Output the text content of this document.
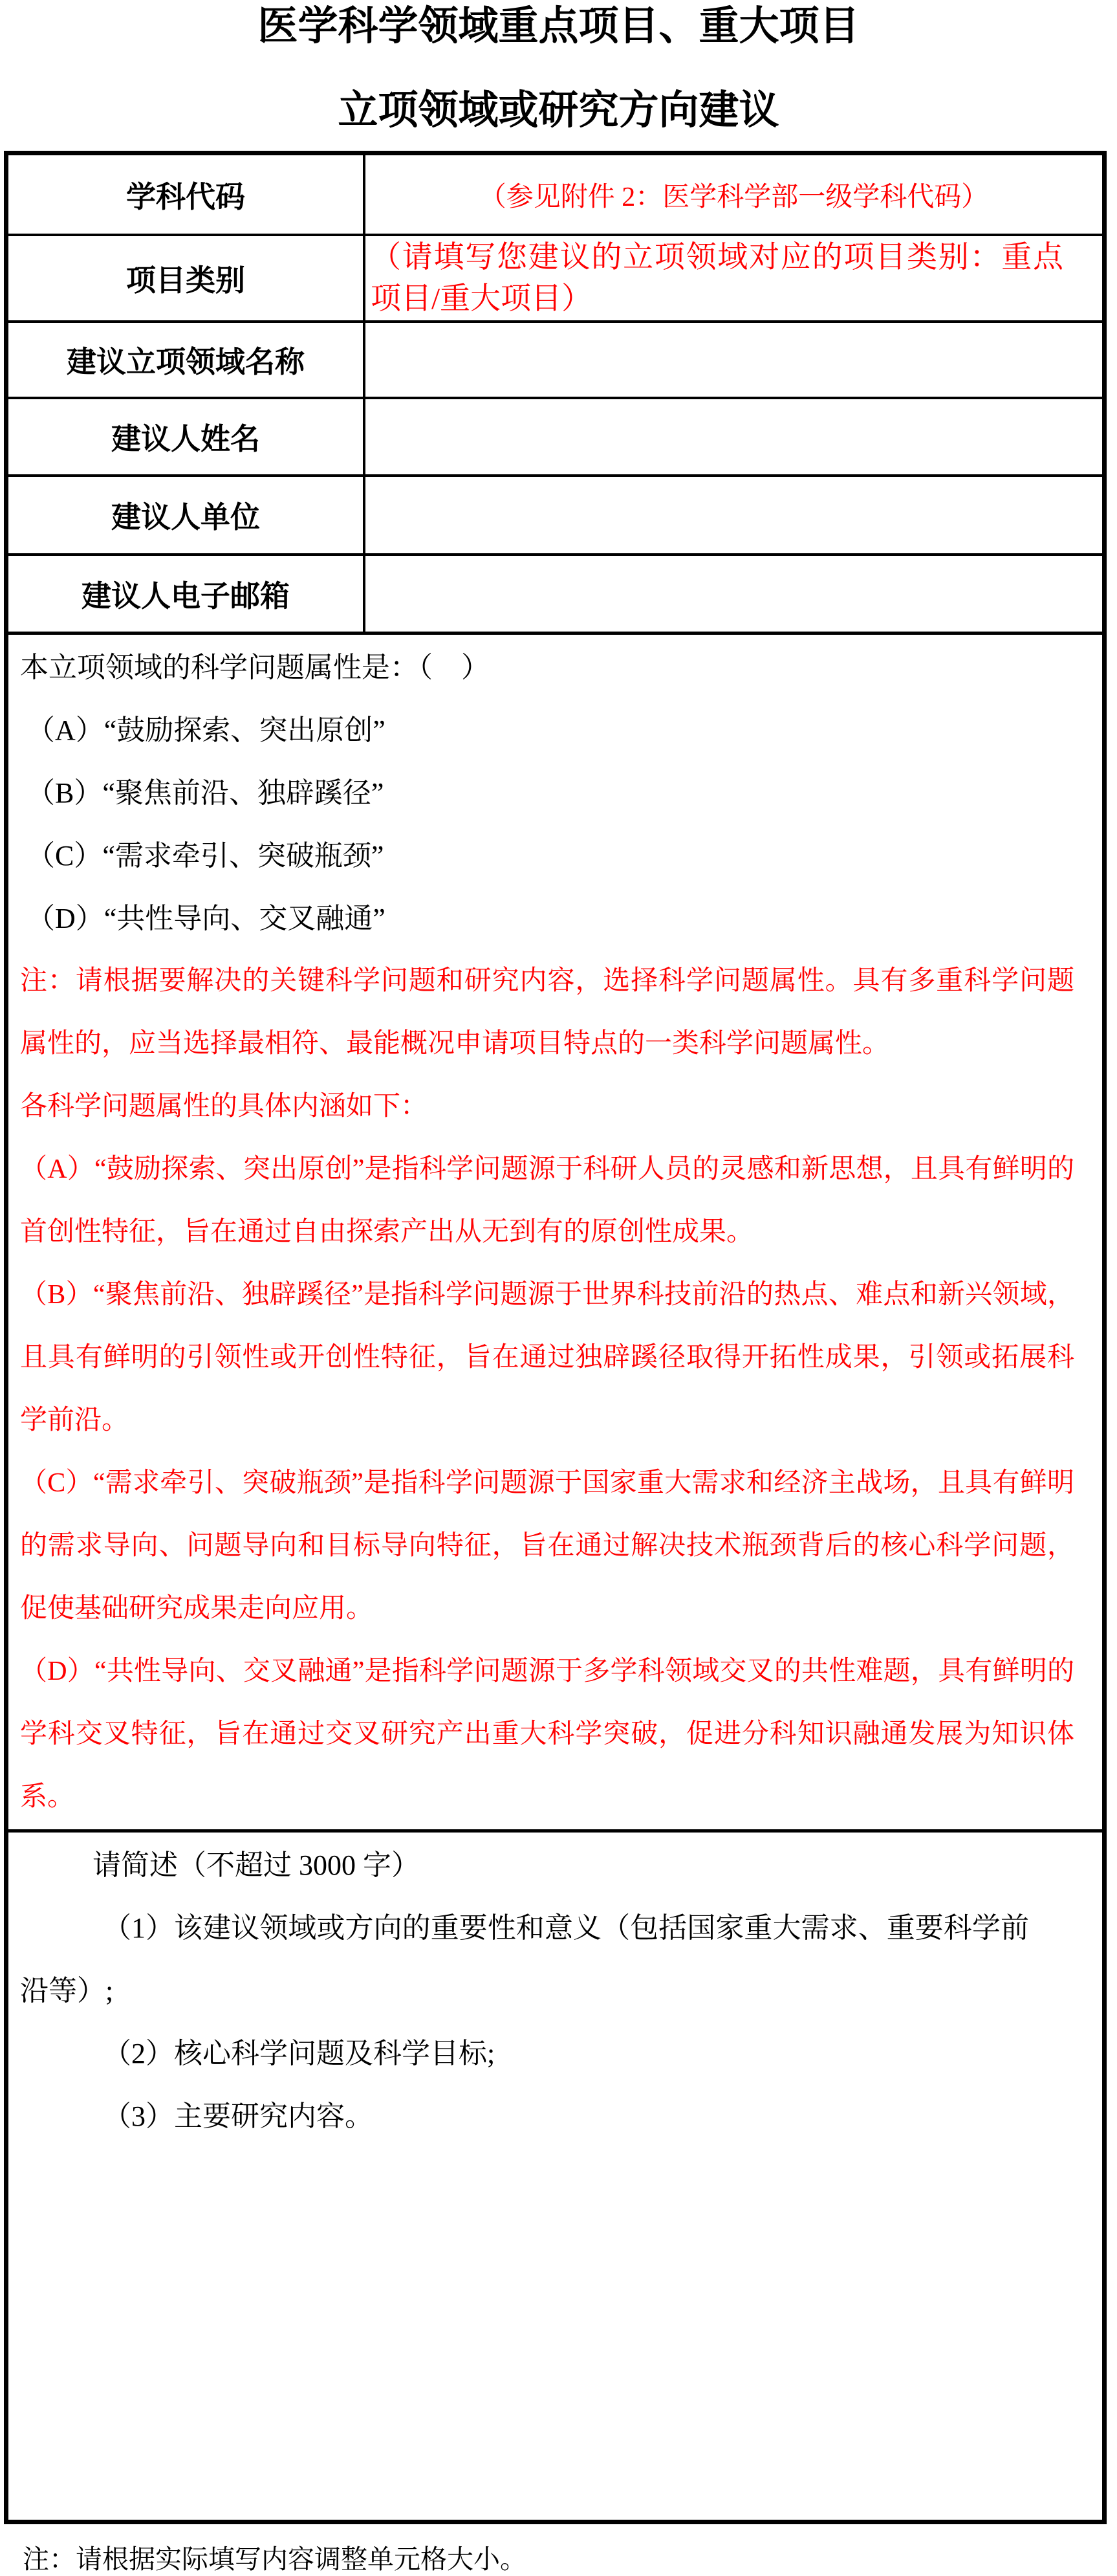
医学科学领域重点项目、重大项目
立项领域或研究方向建议
学科代码	（参见附件 2：医学科学部一级学科代码）
项目类别
（请填写您建议的立项领域对应的项目类别：重点项目/重大项目）
建议立项领域名称
建议人姓名
建议人单位
建议人电子邮箱

本立项领域的科学问题属性是：（　）

（A）“鼓励探索、突出原创”

（B）“聚焦前沿、独辟蹊径”

（C）“需求牵引、突破瓶颈”

（D）“共性导向、交叉融通”

注：请根据要解决的关键科学问题和研究内容，选择科学问题属性。具有多重科学问题属性的，应当选择最相符、最能概况申请项目特点的一类科学问题属性。

各科学问题属性的具体内涵如下：

（A）“鼓励探索、突出原创”是指科学问题源于科研人员的灵感和新思想，且具有鲜明的首创性特征，旨在通过自由探索产出从无到有的原创性成果。

（B）“聚焦前沿、独辟蹊径”是指科学问题源于世界科技前沿的热点、难点和新兴领域，且具有鲜明的引领性或开创性特征，旨在通过独辟蹊径取得开拓性成果，引领或拓展科学前沿。

（C）“需求牵引、突破瓶颈”是指科学问题源于国家重大需求和经济主战场，且具有鲜明的需求导向、问题导向和目标导向特征，旨在通过解决技术瓶颈背后的核心科学问题，促使基础研究成果走向应用。

（D）“共性导向、交叉融通”是指科学问题源于多学科领域交叉的共性难题，具有鲜明的学科交叉特征，旨在通过交叉研究产出重大科学突破，促进分科知识融通发展为知识体系。

请简述（不超过 3000 字）

（1）该建议领域或方向的重要性和意义（包括国家重大需求、重要科学前沿等）;

（2）核心科学问题及科学目标;

（3）主要研究内容。

注：请根据实际填写内容调整单元格大小。
